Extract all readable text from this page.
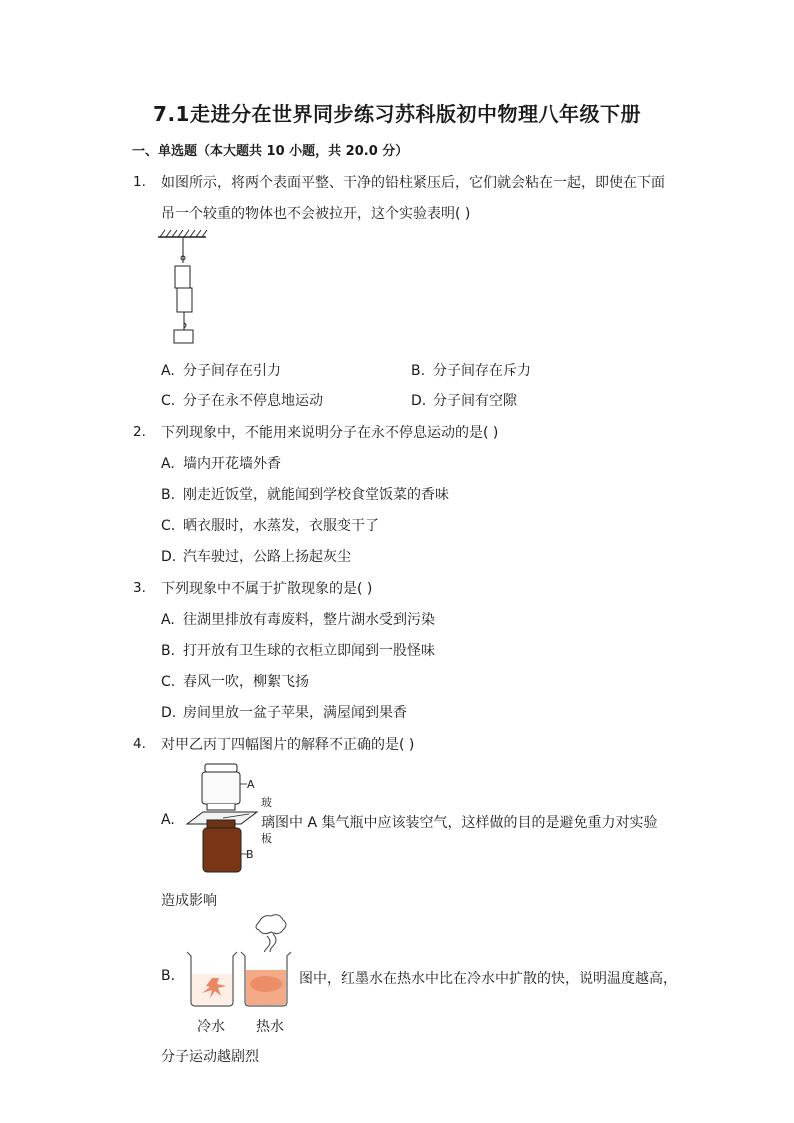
7.1走进分在世界同步练习苏科版初中物理八年级下册
一、单选题（本大题共 10 小题，共 20.0 分）
1. 如图所示，将两个表面平整、干净的铅柱紧压后，它们就会粘在一起，即使在下面
吊一个较重的物体也不会被拉开，这个实验表明( )
A. 分子间存在引力	B. 分子间存在斥力
C. 分子在永不停息地运动	D. 分子间有空隙
2. 下列现象中，不能用来说明分子在永不停息运动的是( )
A. 墙内开花墙外香
B. 刚走近饭堂，就能闻到学校食堂饭菜的香味
C. 晒衣服时，水蒸发，衣服变干了
D. 汽车驶过，公路上扬起灰尘
3. 下列现象中不属于扩散现象的是( )
A. 往湖里排放有毒废料，整片湖水受到污染
B. 打开放有卫生球的衣柜立即闻到一股怪味
C. 春风一吹，柳絮飞扬
D. 房间里放一盆子苹果，满屋闻到果香
4. 对甲乙丙丁四幅图片的解释不正确的是( )
A.
A
玻
璃图中 A 集气瓶中应该装空气，这样做的目的是避免重力对实验
板
B
造成影响
B.	图中，红墨水在热水中比在冷水中扩散的快，说明温度越高，
冷水 热水
分子运动越剧烈
